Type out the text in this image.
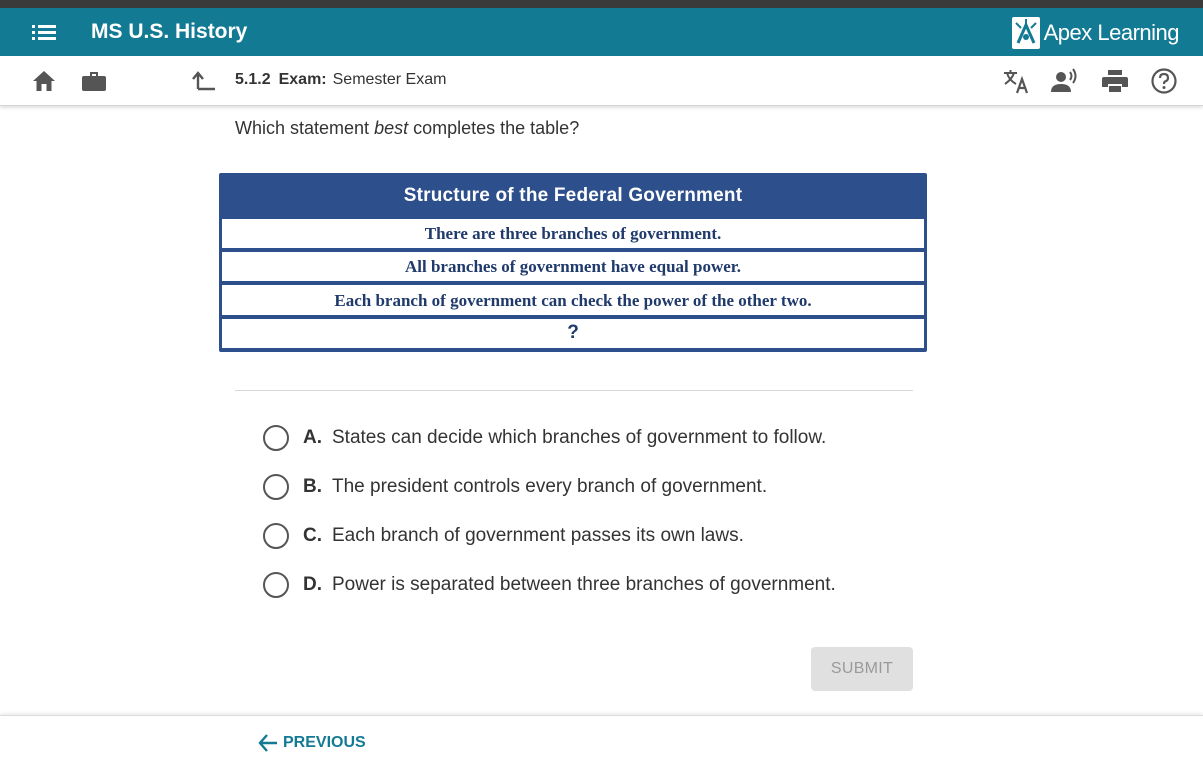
MS U.S. History	Apex Learning
5.1.2 Exam: Semester Exam
Which statement best completes the table?
Structure of the Federal Government
There are three branches of government.
All branches of government have equal power.
Each branch of government can check the power of the other two.
?
A. States can decide which branches of government to follow.
B. The president controls every branch of government.
C. Each branch of government passes its own laws.
D. Power is separated between three branches of government.
SUBMIT
PREVIOUS
